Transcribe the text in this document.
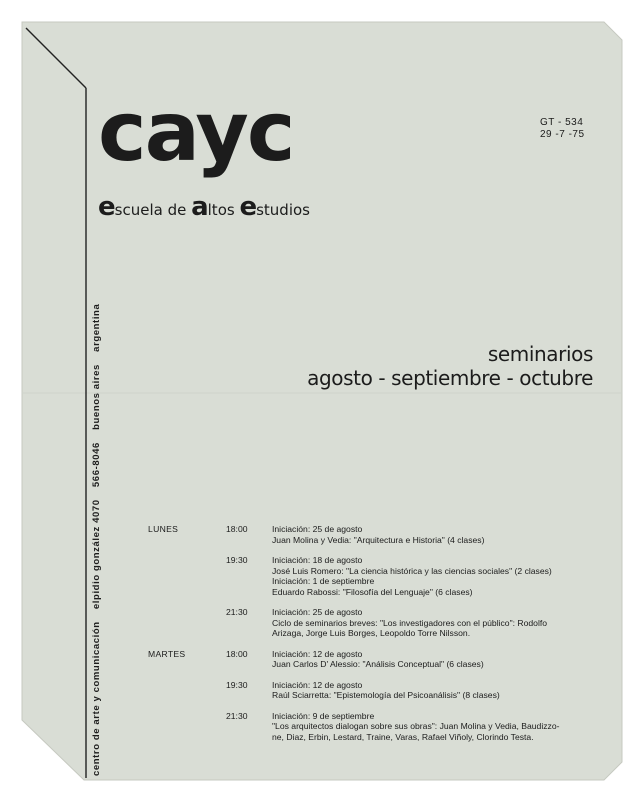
cayc
escuela de altos estudios
GT - 534
29 -7 -75
centro de arte y comunicación elpidio gonzález 4070 566-8046 buenos aires argentina
seminarios
agosto - septiembre - octubre
LUNES	18:00	Iniciación: 25 de agosto
Juan Molina y Vedia: "Arquitectura e Historia" (4 clases)
19:30	Iniciación: 18 de agosto
José Luis Romero: "La ciencia histórica y las ciencias sociales" (2 clases)
Iniciación: 1 de septiembre
Eduardo Rabossi: "Filosofía del Lenguaje" (6 clases)
21:30	Iniciación: 25 de agosto
Ciclo de seminarios breves: "Los investigadores con el público": Rodolfo
Arizaga, Jorge Luis Borges, Leopoldo Torre Nilsson.
MARTES	18:00	Iniciación: 12 de agosto
Juan Carlos D' Alessio: "Análisis Conceptual" (6 clases)
19:30	Iniciación: 12 de agosto
Raúl Sciarretta: "Epistemología del Psicoanálisis" (8 clases)
21:30	Iniciación: 9 de septiembre
"Los arquitectos dialogan sobre sus obras": Juan Molina y Vedia, Baudizzo-
ne, Diaz, Erbin, Lestard, Traine, Varas, Rafael Viñoly, Clorindo Testa.
